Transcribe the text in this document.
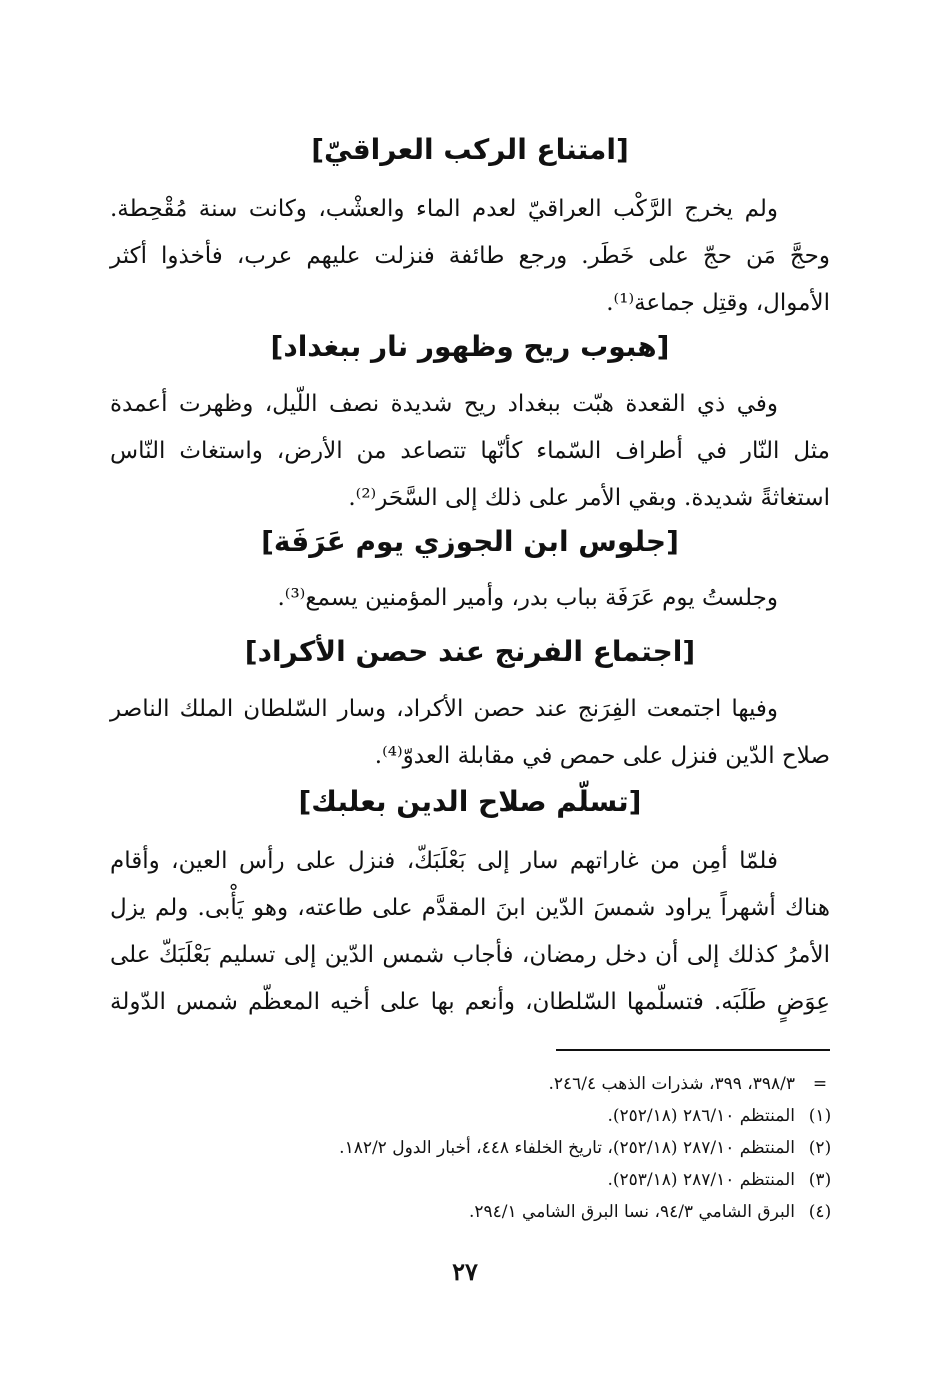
[امتناع الركب العراقيّ]
ولم يخرج الرَّكْب العراقيّ لعدم الماء والعشْب، وكانت سنة مُقْحِطة.
وحجَّ مَن حجّ على خَطَر. ورجع طائفة فنزلت عليهم عرب، فأخذوا أكثر
الأموال، وقتِل جماعة⁽¹⁾.
[هبوب ريح وظهور نار ببغداد]
وفي ذي القعدة هبّت ببغداد ريح شديدة نصف اللّيل، وظهرت أعمدة
مثل النّار في أطراف السّماء كأنّها تتصاعد من الأرض، واستغاث النّاس
استغاثةً شديدة. وبقي الأمر على ذلك إلى السَّحَر⁽²⁾.
[جلوس ابن الجوزي يوم عَرَفَة]
وجلستُ يوم عَرَفَة بباب بدر، وأمير المؤمنين يسمع⁽³⁾.
[اجتماع الفرنج عند حصن الأكراد]
وفيها اجتمعت الفِرَنج عند حصن الأكراد، وسار السّلطان الملك الناصر
صلاح الدّين فنزل على حمص في مقابلة العدوّ⁽⁴⁾.
[تسلّم صلاح الدين بعلبك]
فلمّا أمِن من غاراتهم سار إلى بَعْلَبَكّ، فنزل على رأس العين، وأقام
هناك أشهراً يراود شمسَ الدّين ابنَ المقدَّم على طاعته، وهو يَأْبى. ولم يزل
الأمرُ كذلك إلى أن دخل رمضان، فأجاب شمس الدّين إلى تسليم بَعْلَبَكّ على
عِوَضٍ طَلَبَه. فتسلّمها السّلطان، وأنعم بها على أخيه المعظّم شمس الدّولة
=
٣٩٨/٣، ٣٩٩، شذرات الذهب ٢٤٦/٤.
(١)
المنتظم ٢٨٦/١٠ (٢٥٢/١٨).
(٢)
المنتظم ٢٨٧/١٠ (٢٥٢/١٨)، تاريخ الخلفاء ٤٤٨، أخبار الدول ١٨٢/٢.
(٣)
المنتظم ٢٨٧/١٠ (٢٥٣/١٨).
(٤)
البرق الشامي ٩٤/٣، نسا البرق الشامي ٢٩٤/١.
٢٧
